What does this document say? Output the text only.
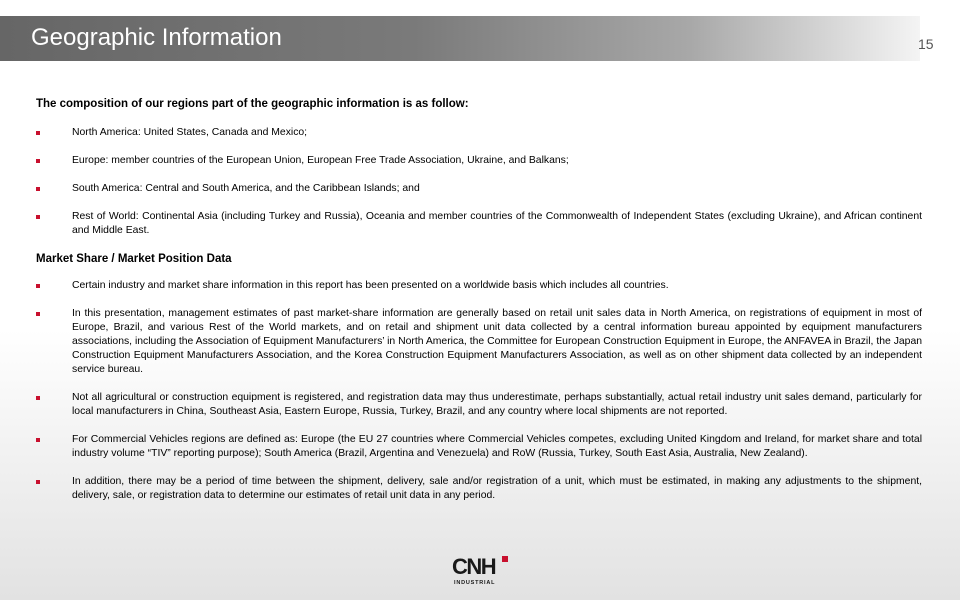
Geographic Information	15

The composition of our regions part of the geographic information is as follow:

North America: United States, Canada and Mexico;
Europe: member countries of the European Union, European Free Trade Association, Ukraine, and Balkans;
South America: Central and South America, and the Caribbean Islands; and
Rest of World: Continental Asia (including Turkey and Russia), Oceania and member countries of the Commonwealth of Independent States (excluding Ukraine), and African continent and Middle East.

Market Share / Market Position Data

Certain industry and market share information in this report has been presented on a worldwide basis which includes all countries.
In this presentation, management estimates of past market-share information are generally based on retail unit sales data in North America, on registrations of equipment in most of Europe, Brazil, and various Rest of the World markets, and on retail and shipment unit data collected by a central information bureau appointed by equipment manufacturers associations, including the Association of Equipment Manufacturers’ in North America, the Committee for European Construction Equipment in Europe, the ANFAVEA in Brazil, the Japan Construction Equipment Manufacturers Association, and the Korea Construction Equipment Manufacturers Association, as well as on other shipment data collected by an independent service bureau.
Not all agricultural or construction equipment is registered, and registration data may thus underestimate, perhaps substantially, actual retail industry unit sales demand, particularly for local manufacturers in China, Southeast Asia, Eastern Europe, Russia, Turkey, Brazil, and any country where local shipments are not reported.
For Commercial Vehicles regions are defined as: Europe (the EU 27 countries where Commercial Vehicles competes, excluding United Kingdom and Ireland, for market share and total industry volume “TIV” reporting purpose); South America (Brazil, Argentina and Venezuela) and RoW (Russia, Turkey, South East Asia, Australia, New Zealand).
In addition, there may be a period of time between the shipment, delivery, sale and/or registration of a unit, which must be estimated, in making any adjustments to the shipment, delivery, sale, or registration data to determine our estimates of retail unit data in any period.
CNH
INDUSTRIAL
